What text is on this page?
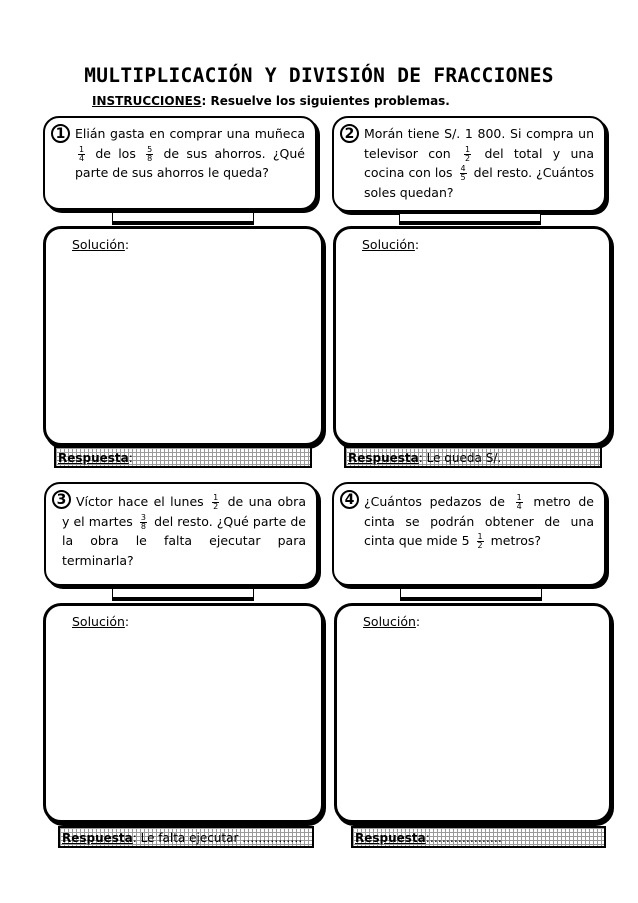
MULTIPLICACIÓN Y DIVISIÓN DE FRACCIONES
INSTRUCCIONES: Resuelve los siguientes problemas.
1 Elián gasta en comprar una muñeca
$\frac{1}{4}$ de los $\frac{5}{8}$ de sus ahorros. ¿Qué parte de sus ahorros le queda?
Solución:
Respuesta:
2 Morán tiene S/. 1 800. Si compra un televisor con $\frac{1}{2}$ del total y una cocina con los $\frac{4}{5}$ del resto. ¿Cuántos soles quedan?
Solución:
Respuesta: Le queda S/.
3 Víctor hace el lunes $\frac{1}{2}$ de una obra y el martes $\frac{3}{8}$ del resto. ¿Qué parte de la obra le falta ejecutar para terminarla?
Solución:
Respuesta: Le falta ejecutar ……………
4 ¿Cuántos pedazos de $\frac{1}{4}$ metro de cinta se podrán obtener de una cinta que mide $5 \frac{1}{2}$ metros?
Solución:
Respuesta:………………
